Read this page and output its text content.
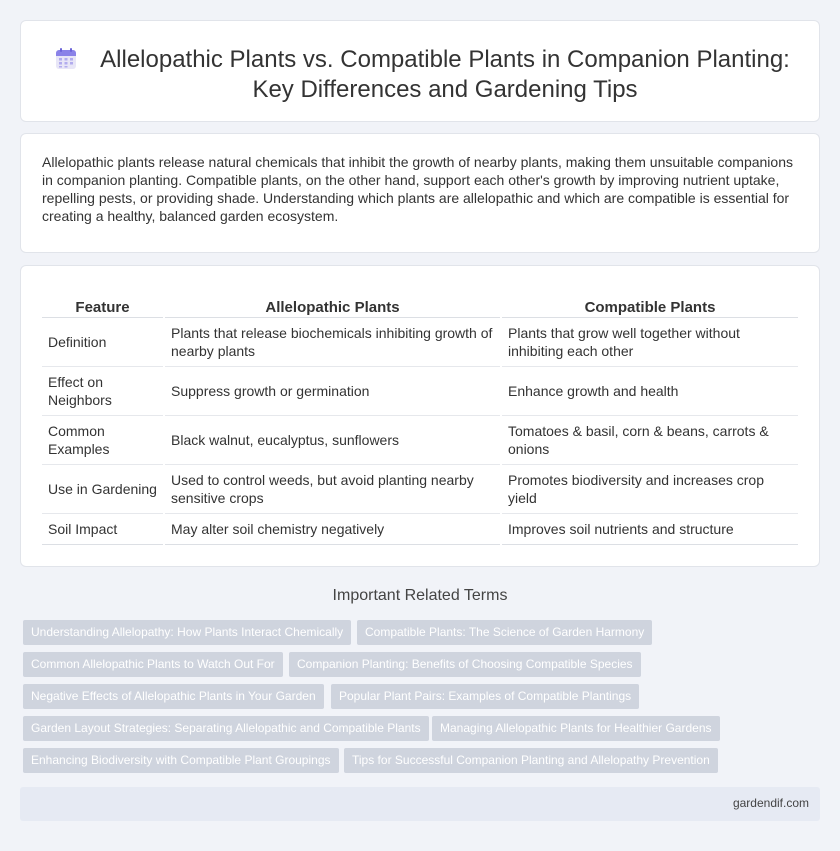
Allelopathic Plants vs. Compatible Plants in Companion Planting: Key Differences and Gardening Tips

Allelopathic plants release natural chemicals that inhibit the growth of nearby plants, making them unsuitable companions in companion planting. Compatible plants, on the other hand, support each other's growth by improving nutrient uptake, repelling pests, or providing shade. Understanding which plants are allelopathic and which are compatible is essential for creating a healthy, balanced garden ecosystem.

Feature	Allelopathic Plants	Compatible Plants
Definition	Plants that release biochemicals inhibiting growth of nearby plants	Plants that grow well together without inhibiting each other
Effect on Neighbors	Suppress growth or germination	Enhance growth and health
Common Examples	Black walnut, eucalyptus, sunflowers	Tomatoes & basil, corn & beans, carrots & onions
Use in Gardening	Used to control weeds, but avoid planting nearby sensitive crops	Promotes biodiversity and increases crop yield
Soil Impact	May alter soil chemistry negatively	Improves soil nutrients and structure
Important Related Terms
Understanding Allelopathy: How Plants Interact Chemically	Compatible Plants: The Science of Garden Harmony
Common Allelopathic Plants to Watch Out For	Companion Planting: Benefits of Choosing Compatible Species
Negative Effects of Allelopathic Plants in Your Garden	Popular Plant Pairs: Examples of Compatible Plantings
Garden Layout Strategies: Separating Allelopathic and Compatible Plants	Managing Allelopathic Plants for Healthier Gardens
Enhancing Biodiversity with Compatible Plant Groupings	Tips for Successful Companion Planting and Allelopathy Prevention
gardendif.com
